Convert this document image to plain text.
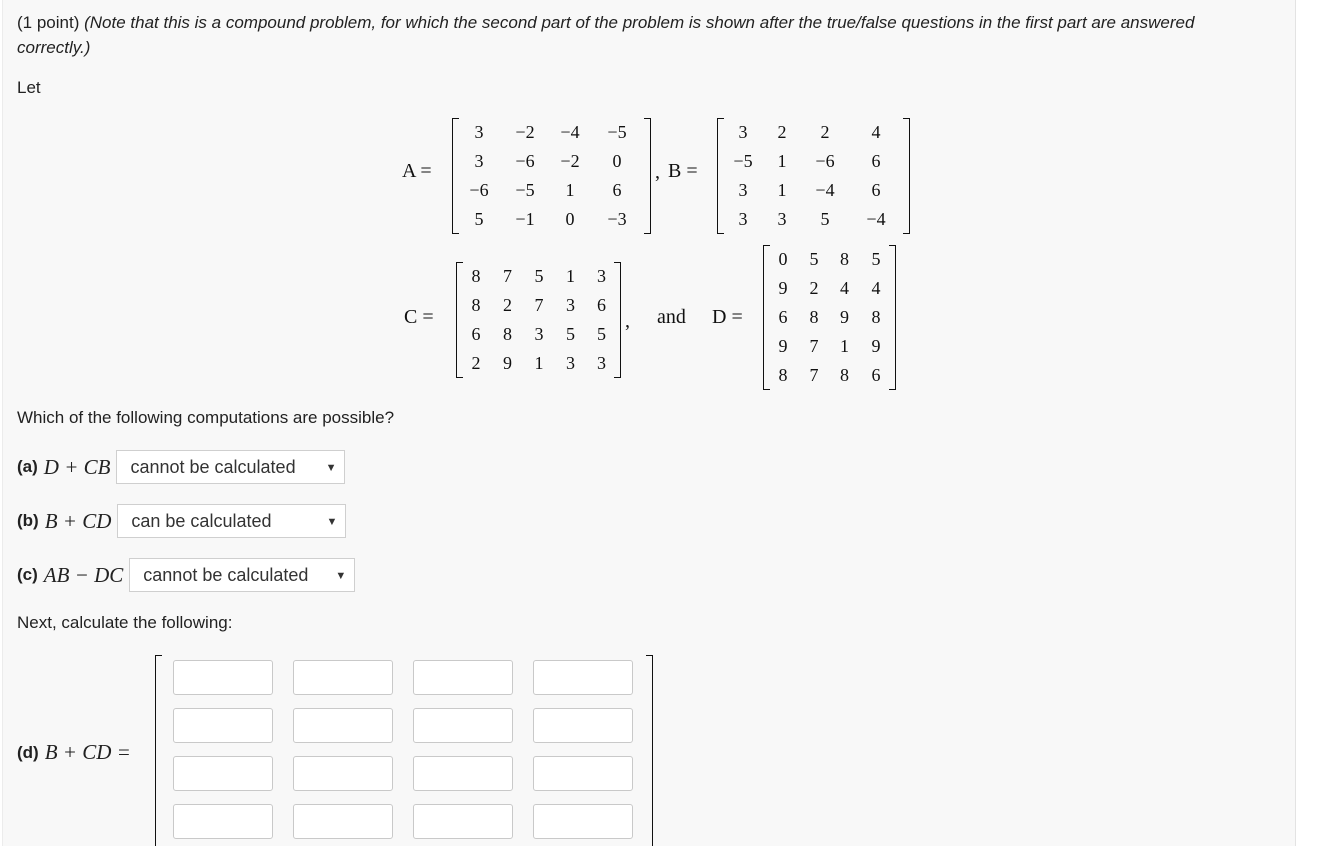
(1 point) (Note that this is a compound problem, for which the second part of the problem is shown after the true/false questions in the first part are answered correctly.)
Let
A =
3	−2	−4	−5
3	−6	−2	0
−6	−5	1	6
5	−1	0	−3
, B =
3	2	2	4
−5	1	−6	6
3	1	−4	6
3	3	5	−4
C =
8	7	5	1	3
8	2	7	3	6
6	8	3	5	5
2	9	1	3	3
, and D =
0	5	8	5
9	2	4	4
6	8	9	8
9	7	1	9
8	7	8	6
Which of the following computations are possible?
(a) D + CB cannot be calculated	▼
(b) B + CD can be calculated	▼
(c) AB − DC cannot be calculated ▼
Next, calculate the following:
(d) B + CD =
